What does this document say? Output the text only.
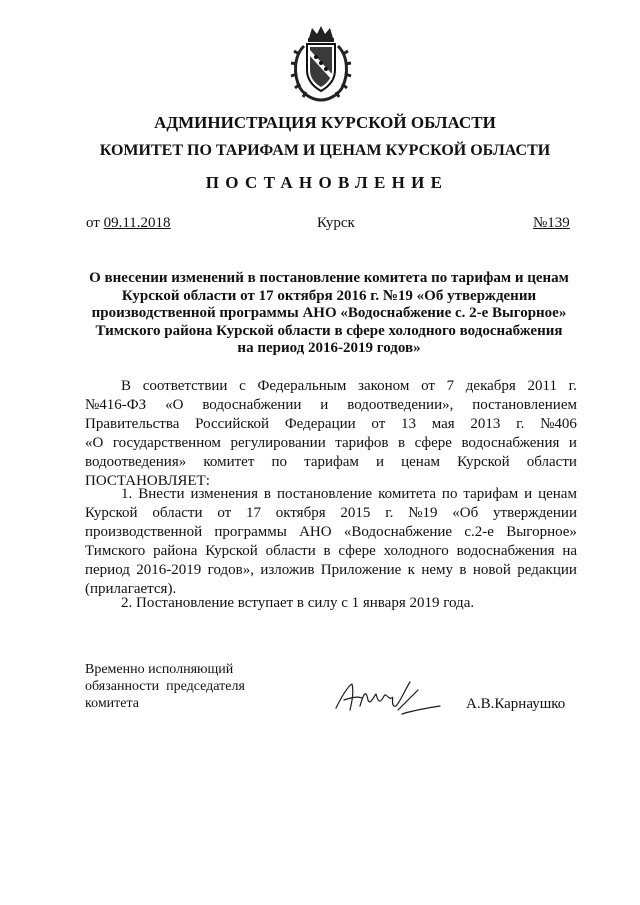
АДМИНИСТРАЦИЯ КУРСКОЙ ОБЛАСТИ
КОМИТЕТ ПО ТАРИФАМ И ЦЕНАМ КУРСКОЙ ОБЛАСТИ
ПОСТАНОВЛЕНИЕ
от 09.11.2018	Курск	№139
О внесении изменений в постановление комитета по тарифам и ценам
Курской области от 17 октября 2016 г. №19 «Об утверждении
производственной программы АНО «Водоснабжение с. 2-е Выгорное»
Тимского района Курской области в сфере холодного водоснабжения
на период 2016-2019 годов»
В соответствии с Федеральным законом от 7 декабря 2011 г.
№416-ФЗ «О водоснабжении и водоотведении», постановлением
Правительства Российской Федерации от 13 мая 2013 г. №406
«О государственном регулировании тарифов в сфере водоснабжения и
водоотведения» комитет по тарифам и ценам Курской области
ПОСТАНОВЛЯЕТ:
1. Внести изменения в постановление комитета по тарифам и ценам
Курской области от 17 октября 2015 г. №19 «Об утверждении
производственной программы АНО «Водоснабжение с.2-е Выгорное»
Тимского района Курской области в сфере холодного водоснабжения на
период 2016-2019 годов», изложив Приложение к нему в новой редакции
(прилагается).
2. Постановление вступает в силу с 1 января 2019 года.
Временно исполняющий
обязанности  председателя
комитета	А.В.Карнаушко
